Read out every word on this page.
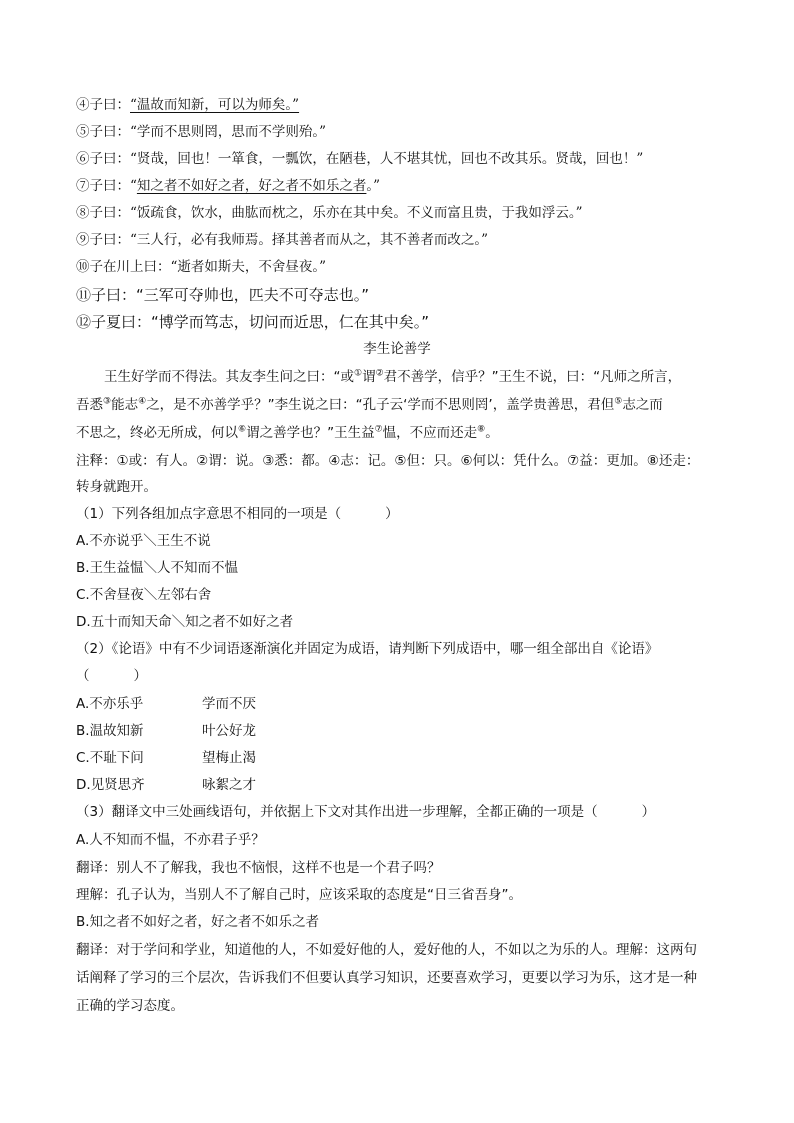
④子曰：“温故而知新，可以为师矣。”
⑤子曰：“学而不思则罔，思而不学则殆。”
⑥子曰：“贤哉，回也！一箪食，一瓢饮，在陋巷，人不堪其忧，回也不改其乐。贤哉，回也！”
⑦子曰：“知之者不如好之者，好之者不如乐之者。”
⑧子曰：“饭疏食，饮水，曲肱而枕之，乐亦在其中矣。不义而富且贵，于我如浮云。”
⑨子曰：“三人行，必有我师焉。择其善者而从之，其不善者而改之。”
⑩子在川上曰：“逝者如斯夫，不舍昼夜。”
⑪子曰：“三军可夺帅也，匹夫不可夺志也。”
⑫子夏曰：“博学而笃志，切问而近思，仁在其中矣。”
李生论善学
王生好学而不得法。其友李生问之曰：“或①谓②君不善学，信乎？”王生不说，曰：“凡师之所言，
吾悉③能志④之，是不亦善学乎？”李生说之曰：“孔子云‘学而不思则罔’，盖学贵善思，君但⑤志之而
不思之，终必无所成，何以⑥谓之善学也？”王生益⑦愠，不应而还走⑧。
注释：①或：有人。②谓：说。③悉：都。④志：记。⑤但：只。⑥何以：凭什么。⑦益：更加。⑧还走：
转身就跑开。
（1）下列各组加点字意思不相同的一项是（	）
A.不亦说乎＼王生不说
B.王生益愠＼人不知而不愠
C.不舍昼夜＼左邻右舍
D.五十而知天命＼知之者不如好之者
（2）《论语》中有不少词语逐渐演化并固定为成语，请判断下列成语中，哪一组全部出自《论语》
（	）
A.不亦乐乎	学而不厌
B.温故知新	叶公好龙
C.不耻下问	望梅止渴
D.见贤思齐	咏絮之才
（3）翻译文中三处画线语句，并依据上下文对其作出进一步理解，全都正确的一项是（	）
A.人不知而不愠，不亦君子乎？
翻译：别人不了解我，我也不恼恨，这样不也是一个君子吗？
理解：孔子认为，当别人不了解自己时，应该采取的态度是“日三省吾身”。
B.知之者不如好之者，好之者不如乐之者
翻译：对于学问和学业，知道他的人，不如爱好他的人，爱好他的人，不如以之为乐的人。理解：这两句
话阐释了学习的三个层次，告诉我们不但要认真学习知识，还要喜欢学习，更要以学习为乐，这才是一种
正确的学习态度。
